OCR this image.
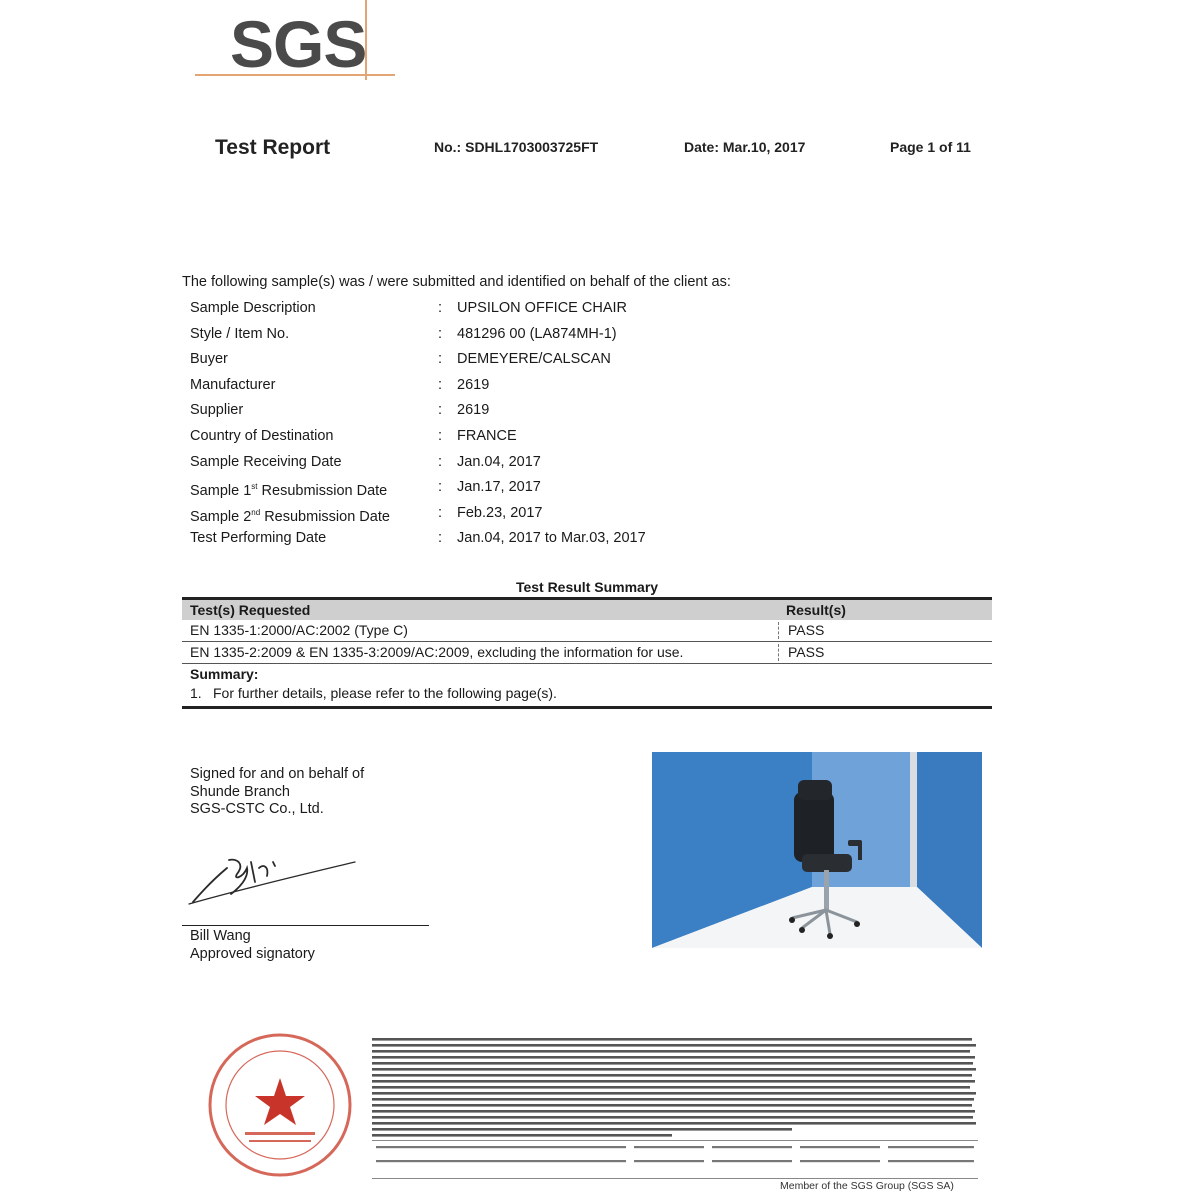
SGS
Test Report	No.: SDHL1703003725FT	Date: Mar.10, 2017	Page 1 of 11
The following sample(s) was / were submitted and identified on behalf of the client as:
Sample Description	: UPSILON OFFICE CHAIR
Style / Item No.	: 481296 00 (LA874MH-1)
Buyer	: DEMEYERE/CALSCAN
Manufacturer	: 2619
Supplier	: 2619
Country of Destination	: FRANCE
Sample Receiving Date	: Jan.04, 2017
Sample 1st Resubmission Date	: Jan.17, 2017
Sample 2nd Resubmission Date	: Feb.23, 2017
Test Performing Date	: Jan.04, 2017 to Mar.03, 2017
Test Result Summary
Test(s) Requested	Result(s)
EN 1335-1:2000/AC:2002 (Type C)	PASS
EN 1335-2:2009 & EN 1335-3:2009/AC:2009, excluding the information for use.	PASS
Summary:
1. For further details, please refer to the following page(s).
Signed for and on behalf of
Shunde Branch
SGS-CSTC Co., Ltd.
Bill Wang
Approved signatory
Member of the SGS Group (SGS SA)
